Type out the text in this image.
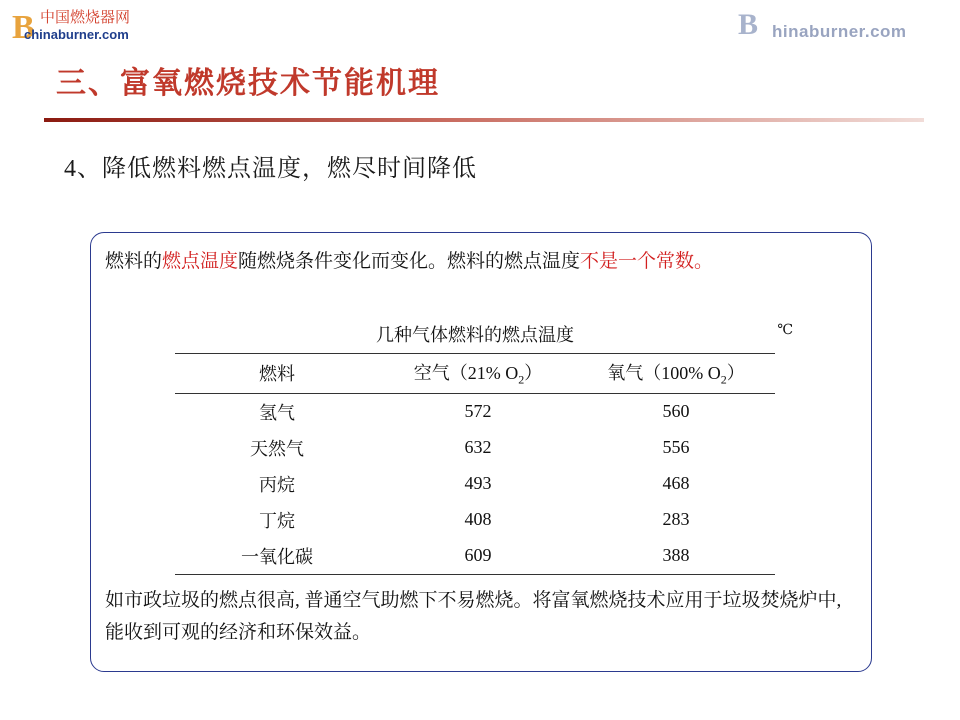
B 中国燃烧器网
chinaburner.com	B hinaburner.com
三、富氧燃烧技术节能机理
4、降低燃料燃点温度，燃尽时间降低
燃料的燃点温度随燃烧条件变化而变化。燃料的燃点温度不是一个常数。
几种气体燃料的燃点温度	℃
燃料	空气（21% $O_2$）	氧气（100% $O_2$）
氢气	572	560
天然气	632	556
丙烷	493	468
丁烷	408	283
一氧化碳	609	388
如市政垃圾的燃点很高, 普通空气助燃下不易燃烧。将富氧燃烧技术应用于垃圾焚烧炉中, 能收到可观的经济和环保效益。
